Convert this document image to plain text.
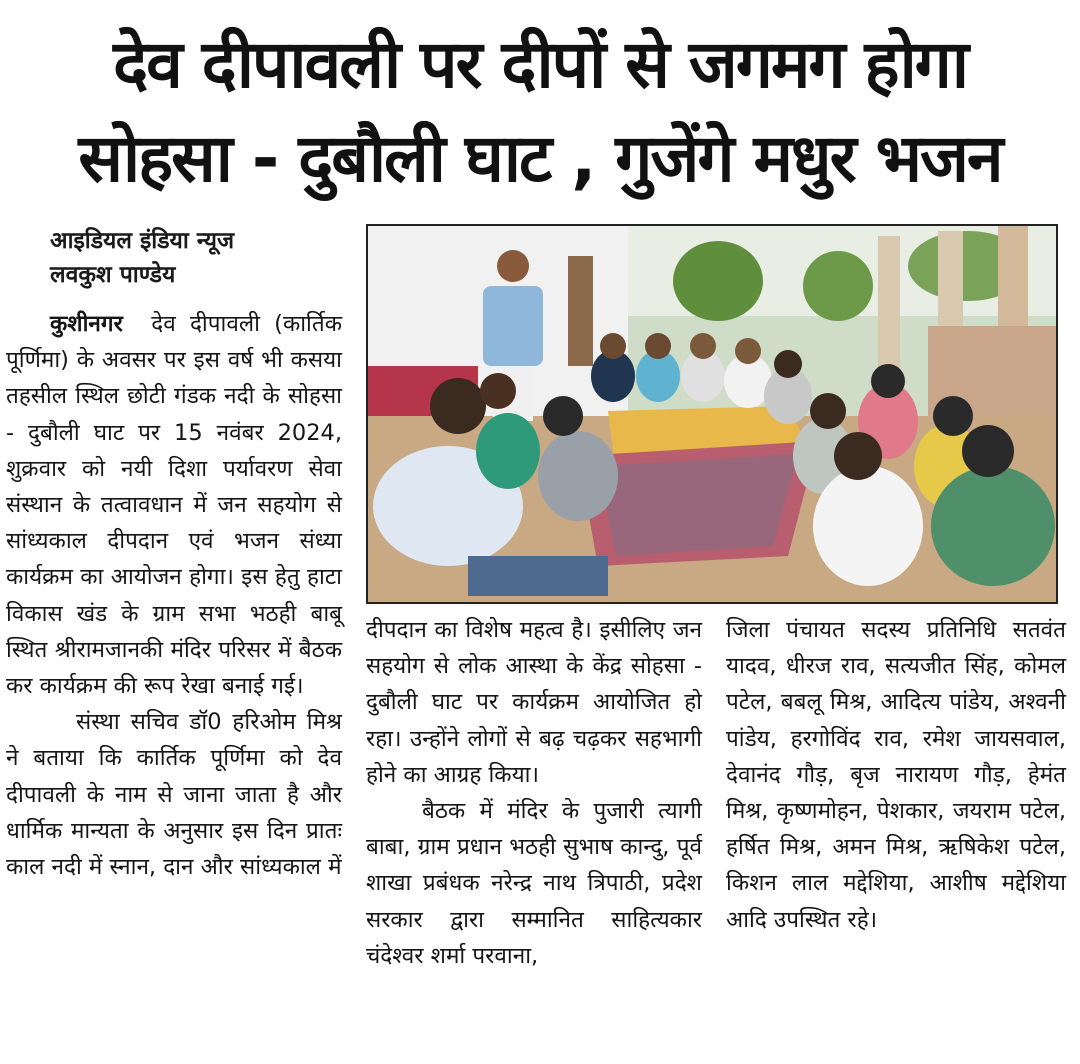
देव दीपावली पर दीपों से जगमग होगा
सोहसा - दुबौली घाट , गुजेंगे मधुर भजन
आइडियल इंडिया न्यूज
लवकुश पाण्डेय

कुशीनगर देव दीपावली (कार्तिक पूर्णिमा) के अवसर पर इस वर्ष भी कसया तहसील स्थिल छोटी गंडक नदी के सोहसा - दुबौली घाट पर 15 नवंबर 2024, शुक्रवार को नयी दिशा पर्यावरण सेवा संस्थान के तत्वावधान में जन सहयोग से सांध्यकाल दीपदान एवं भजन संध्या कार्यक्रम का आयोजन होगा। इस हेतु हाटा विकास खंड के ग्राम सभा भठही बाबू स्थित श्रीरामजानकी मंदिर परिसर में बैठक कर कार्यक्रम की रूप रेखा बनाई गई।

संस्था सचिव डॉ0 हरिओम मिश्र ने बताया कि कार्तिक पूर्णिमा को देव दीपावली के नाम से जाना जाता है और धार्मिक मान्यता के अनुसार इस दिन प्रातः काल नदी में स्नान, दान और सांध्यकाल में

दीपदान का विशेष महत्व है। इसीलिए जन सहयोग से लोक आस्था के केंद्र सोहसा - दुबौली घाट पर कार्यक्रम आयोजित हो रहा। उन्होंने लोगों से बढ़ चढ़कर सहभागी होने का आग्रह किया।

बैठक में मंदिर के पुजारी त्यागी बाबा, ग्राम प्रधान भठही सुभाष कान्दु, पूर्व शाखा प्रबंधक नरेन्द्र नाथ त्रिपाठी, प्रदेश सरकार द्वारा सम्मानित साहित्यकार चंदेश्वर शर्मा परवाना,

जिला पंचायत सदस्य प्रतिनिधि सतवंत यादव, धीरज राव, सत्यजीत सिंह, कोमल पटेल, बबलू मिश्र, आदित्य पांडेय, अश्वनी पांडेय, हरगोविंद राव, रमेश जायसवाल, देवानंद गौड़, बृज नारायण गौड़, हेमंत मिश्र, कृष्णमोहन, पेशकार, जयराम पटेल, हर्षित मिश्र, अमन मिश्र, ऋषिकेश पटेल, किशन लाल मद्देशिया, आशीष मद्देशिया आदि उपस्थित रहे।
